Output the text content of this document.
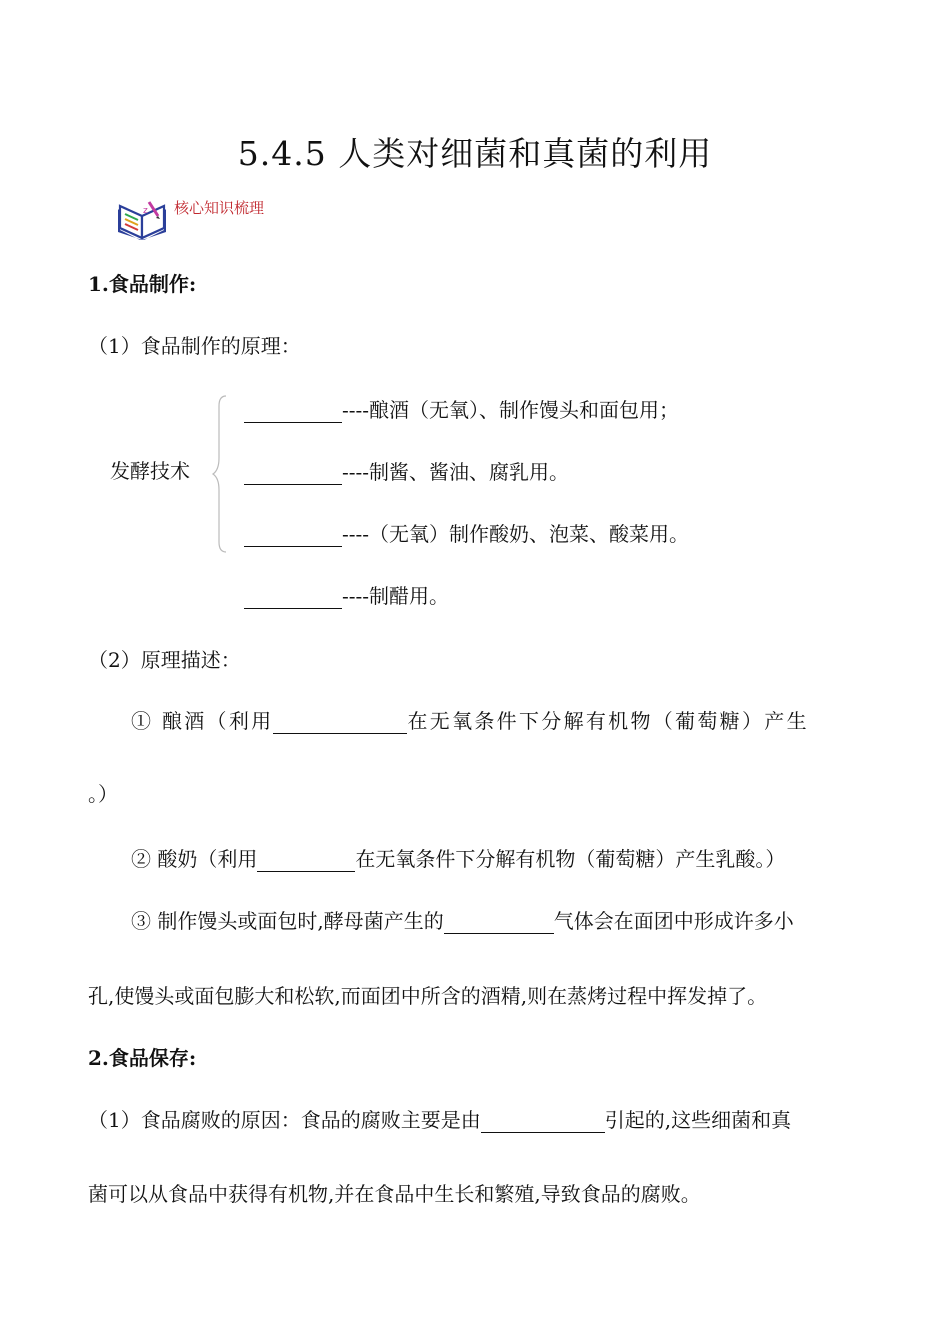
5.4.5 人类对细菌和真菌的利用
z 核心知识梳理
1.食品制作:
（1）食品制作的原理：
发酵技术
----酿酒（无氧）、制作馒头和面包用；
----制酱、酱油、腐乳用。
----（无氧）制作酸奶、泡菜、酸菜用。
----制醋用。
（2）原理描述：
① 酿酒（利用	在无氧条件下分解有机物（葡萄糖）产生
。）
② 酸奶（利用	在无氧条件下分解有机物（葡萄糖）产生乳酸。）
③ 制作馒头或面包时,酵母菌产生的	气体会在面团中形成许多小
孔,使馒头或面包膨大和松软,而面团中所含的酒精,则在蒸烤过程中挥发掉了。
2.食品保存:
（1）食品腐败的原因：食品的腐败主要是由	引起的,这些细菌和真
菌可以从食品中获得有机物,并在食品中生长和繁殖,导致食品的腐败。
